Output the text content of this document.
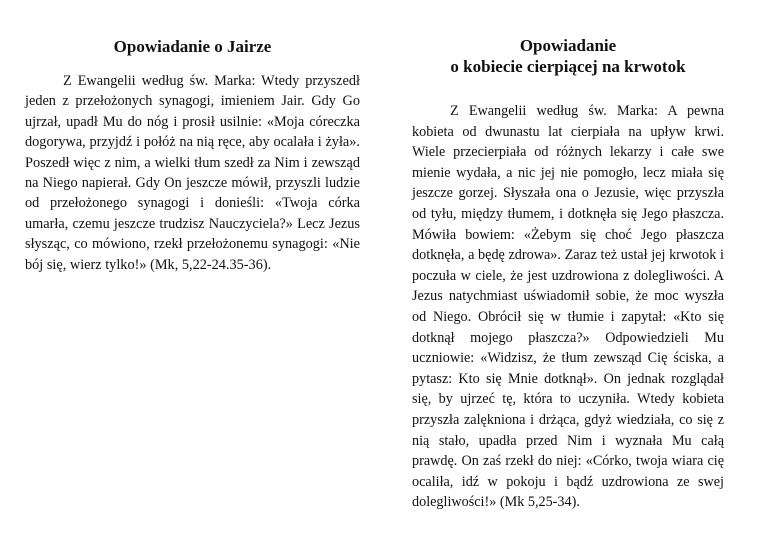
Opowiadanie o Jairze

Z Ewangelii według św. Marka: Wtedy przyszedł jeden z przełożonych synagogi, imieniem Jair. Gdy Go ujrzał, upadł Mu do nóg i prosił usilnie: «Moja córeczka dogorywa, przyjdź i połóż na nią ręce, aby ocalała i żyła». Poszedł więc z nim, a wielki tłum szedł za Nim i zewsząd na Niego napierał. Gdy On jeszcze mówił, przyszli ludzie od przełożonego synagogi i donieśli: «Twoja córka umarła, czemu jeszcze trudzisz Nauczyciela?» Lecz Jezus słysząc, co mówiono, rzekł przełożonemu synagogi: «Nie bój się, wierz tylko!» (Mk, 5,22-24.35-36).

Opowiadanie
o kobiecie cierpiącej na krwotok

Z Ewangelii według św. Marka: A pewna kobieta od dwunastu lat cierpiała na upływ krwi. Wiele przecierpiała od różnych lekarzy i całe swe mienie wydała, a nic jej nie pomogło, lecz miała się jeszcze gorzej. Słyszała ona o Jezusie, więc przyszła od tyłu, między tłumem, i dotknęła się Jego płaszcza. Mówiła bowiem: «Żebym się choć Jego płaszcza dotknęła, a będę zdrowa». Zaraz też ustał jej krwotok i poczuła w ciele, że jest uzdrowiona z dolegliwości. A Jezus natychmiast uświadomił sobie, że moc wyszła od Niego. Obrócił się w tłumie i zapytał: «Kto się dotknął mojego płaszcza?» Odpowiedzieli Mu uczniowie: «Widzisz, że tłum zewsząd Cię ściska, a pytasz: Kto się Mnie dotknął». On jednak rozglądał się, by ujrzeć tę, która to uczyniła. Wtedy kobieta przyszła zalękniona i drżąca, gdyż wiedziała, co się z nią stało, upadła przed Nim i wyznała Mu całą prawdę. On zaś rzekł do niej: «Córko, twoja wiara cię ocaliła, idź w pokoju i bądź uzdrowiona ze swej dolegliwości!» (Mk 5,25-34).
